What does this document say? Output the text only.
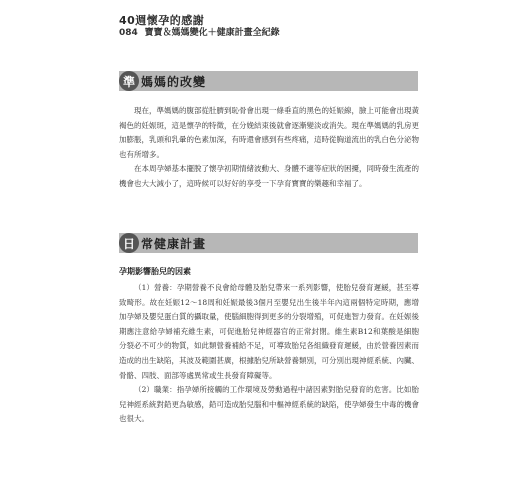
40週懷孕的感謝
084 寶寶＆媽媽變化＋健康計畫全紀錄
準 媽媽的改變

現在，準媽媽的腹部從肚臍到恥骨會出現一條垂直的黑色的妊娠線，臉上可能會出現黃褐色的妊娠斑，這是懷孕的特徵，在分娩結束後就會逐漸變淡或消失。現在準媽媽的乳房更加膨脹，乳頭和乳暈的色素加深，有時還會感到有些疼痛，這時從胸道流出的乳白色分泌物也有所增多。

在本周孕婦基本擺脫了懷孕初期情緒波動大、身體不適等症狀的困擾，同時發生流產的機會也大大減小了，這時候可以好好的享受一下孕育寶寶的樂趣和幸福了。

日 常健康計畫
孕期影響胎兒的因素

（1）營養：孕期營養不良會給母體及胎兒帶來一系列影響，使胎兒發育遲緩，甚至導致畸形。故在妊娠12～18周和妊娠最後3個月至嬰兒出生後半年內這兩個特定時期，應增加孕婦及嬰兒蛋白質的攝取量，使腦細胞得到更多的分裂增殖，可促進智力發育。在妊娠後期應注意給孕婦補充維生素，可促進胎兒神經器官的正常封閉。維生素B12和葉酸是細胞分裂必不可少的物質，如此類營養補給不足，可導致胎兒各組織發育遲緩，由於營養因素而造成的出生缺陷，其波及範圍甚廣，根據胎兒所缺營養類別，可分別出現神經系統、內臟、骨骼、四肢、面部等處異常或生長發育障礙等。

（2）職業：指孕婦所接觸的工作環境及勞動過程中諸因素對胎兒發育的危害。比如胎兒神經系統對鉛更為敏感，鉛可造成胎兒腦和中樞神經系統的缺陷，使孕婦發生中毒的機會也很大。
